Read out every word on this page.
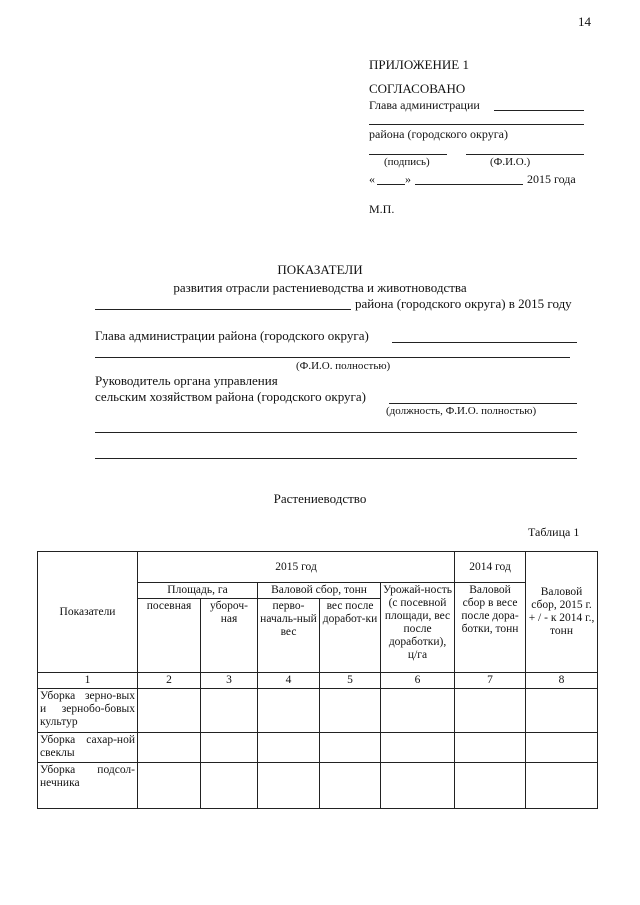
14
ПРИЛОЖЕНИЕ 1
СОГЛАСОВАНО
Глава администрации
района (городского округа)
(подпись)	(Ф.И.О.)
«	»	2015 года
М.П.
ПОКАЗАТЕЛИ
развития отрасли растениеводства и животноводства
района (городского округа) в 2015 году
Глава администрации района (городского округа)
(Ф.И.О. полностью)
Руководитель органа управления
сельским хозяйством района (городского округа)
(должность, Ф.И.О. полностью)
Растениеводство
Таблица 1
Показатели	2015 год					2014 год	Валовой сбор, 2015 г. + / - к 2014 г., тонн
	Площадь, га		Валовой сбор, тонн		Урожай-ность (с посевной площади, вес после доработки), ц/га	Валовой сбор в весе после дора-ботки, тонн	
	посевная	убороч-ная	перво-началь-ный вес	вес после доработ-ки			
1	2	3	4	5	6	7	8
Уборка зерно-вых и зернобо-бовых культур							
Уборка сахар-ной свеклы							
Уборка подсол-нечника							
